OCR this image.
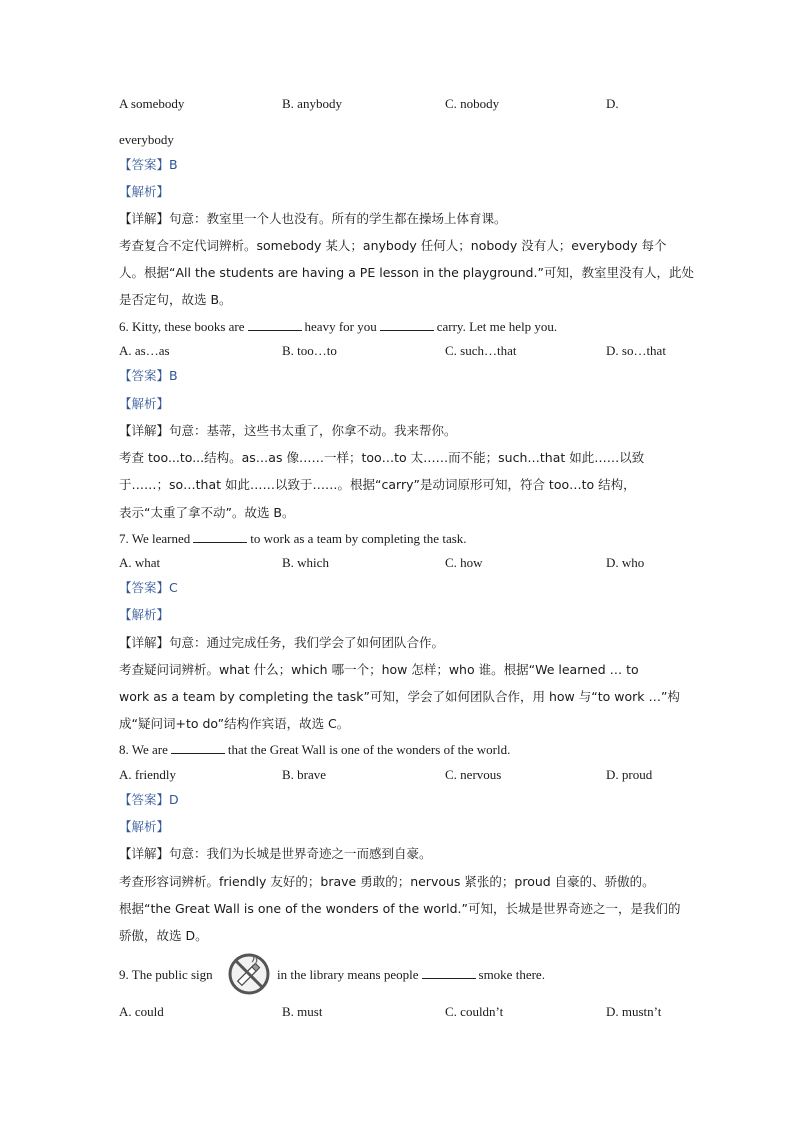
A somebody	B. anybody	C. nobody	D.
everybody
【答案】B
【解析】
【详解】句意：教室里一个人也没有。所有的学生都在操场上体育课。
考查复合不定代词辨析。somebody 某人；anybody 任何人；nobody 没有人；everybody 每个
人。根据“All the students are having a PE lesson in the playground.”可知，教室里没有人，此处
是否定句，故选 B。
6. Kitty, these books are	heavy for you	carry. Let me help you.
A. as…as	B. too…to	C. such…that	D. so…that
【答案】B
【解析】
【详解】句意：基蒂，这些书太重了，你拿不动。我来帮你。
考查 too...to...结构。as…as 像……一样；too…to 太……而不能；such…that 如此……以致
于……；so…that 如此……以致于……。根据“carry”是动词原形可知，符合 too…to 结构，
表示“太重了拿不动”。故选 B。
7. We learned	to work as a team by completing the task.
A. what	B. which	C. how	D. who
【答案】C
【解析】
【详解】句意：通过完成任务，我们学会了如何团队合作。
考查疑问词辨析。what 什么；which 哪一个；how 怎样；who 谁。根据“We learned … to
work as a team by completing the task”可知，学会了如何团队合作，用 how 与“to work …”构
成“疑问词+to do”结构作宾语，故选 C。
8. We are	that the Great Wall is one of the wonders of the world.
A. friendly	B. brave	C. nervous	D. proud
【答案】D
【解析】
【详解】句意：我们为长城是世界奇迹之一而感到自豪。
考查形容词辨析。friendly 友好的；brave 勇敢的；nervous 紧张的；proud 自豪的、骄傲的。
根据“the Great Wall is one of the wonders of the world.”可知，长城是世界奇迹之一，是我们的
骄傲，故选 D。
9. The public sign	in the library means people	smoke there.
A. could	B. must	C. couldn’t	D. mustn’t
